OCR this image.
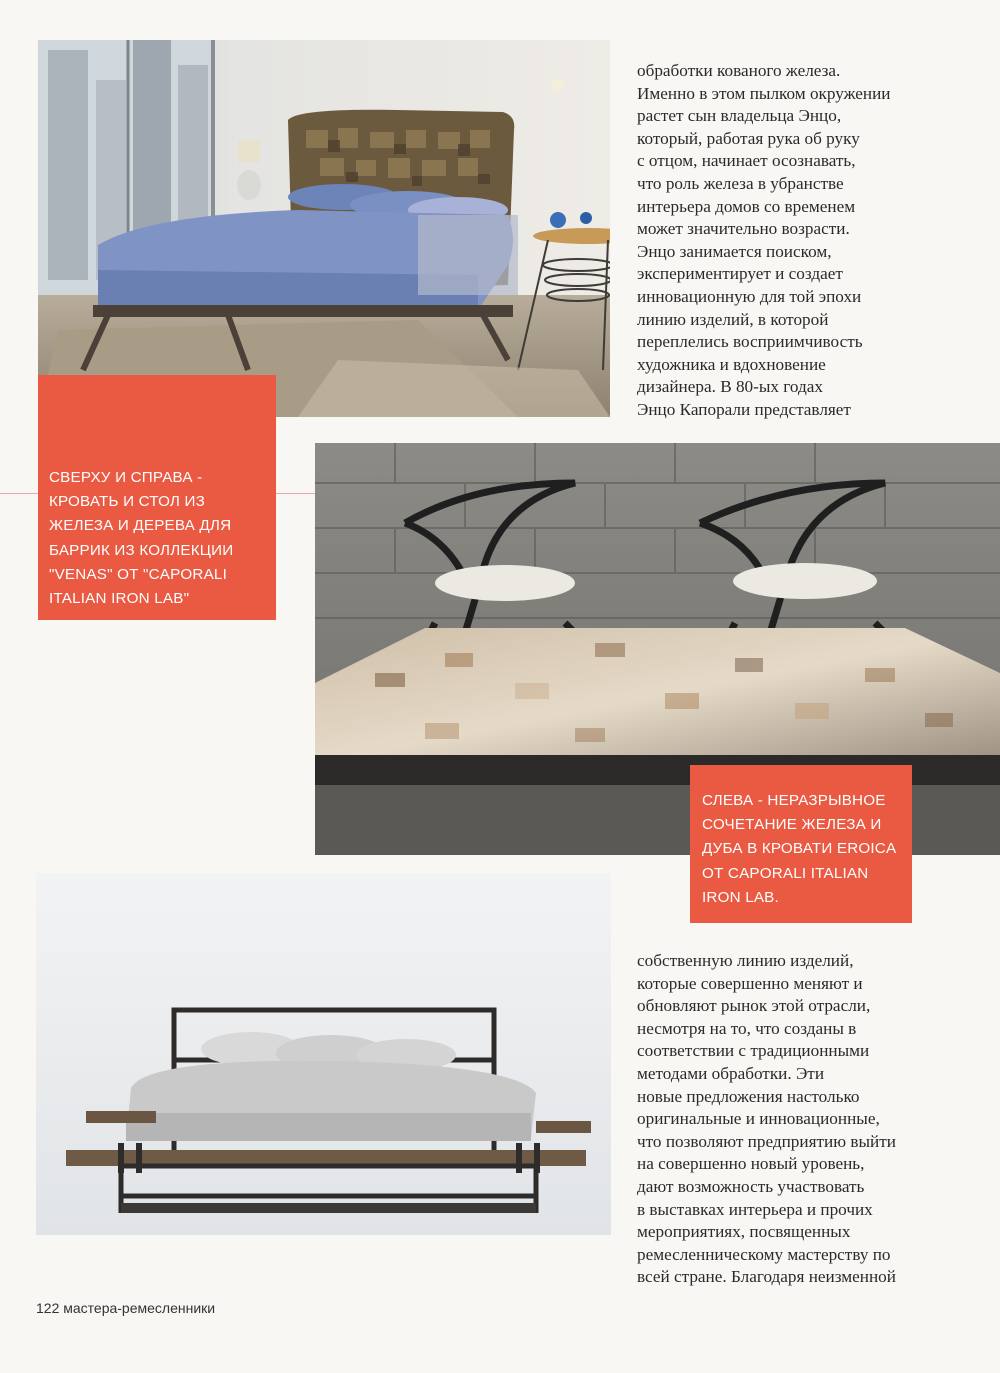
обработки кованого железа.
Именно в этом пылком окружении
растет сын владельца Энцо,
который, работая рука об руку
с отцом, начинает осознавать,
что роль железа в убранстве
интерьера домов со временем
может значительно возрасти.
Энцо занимается поиском,
экспериментирует и создает
инновационную для той эпохи
линию изделий, в которой
переплелись восприимчивость
художника и вдохновение
дизайнера. В 80-ых годах
Энцо Капорали представляет
СВЕРХУ И СПРАВА -
КРОВАТЬ И СТОЛ ИЗ
ЖЕЛЕЗА И ДЕРЕВА ДЛЯ
БАРРИК ИЗ КОЛЛЕКЦИИ
"VENAS" ОТ "CAPORALI
ITALIAN IRON LAB"
СЛЕВА - НЕРАЗРЫВНОЕ
СОЧЕТАНИЕ ЖЕЛЕЗА И
ДУБА В КРОВАТИ EROICA
ОТ CAPORALI ITALIAN
IRON LAB.
собственную линию изделий,
которые совершенно меняют и
обновляют рынок этой отрасли,
несмотря на то, что созданы в
соответствии с традиционными
методами обработки. Эти
новые предложения настолько
оригинальные и инновационные,
что позволяют предприятию выйти
на совершенно новый уровень,
дают возможность участвовать
в выставках интерьера и прочих
мероприятиях, посвященных
ремесленническому мастерству по
всей стране. Благодаря неизменной
122 мастера-ремесленники
